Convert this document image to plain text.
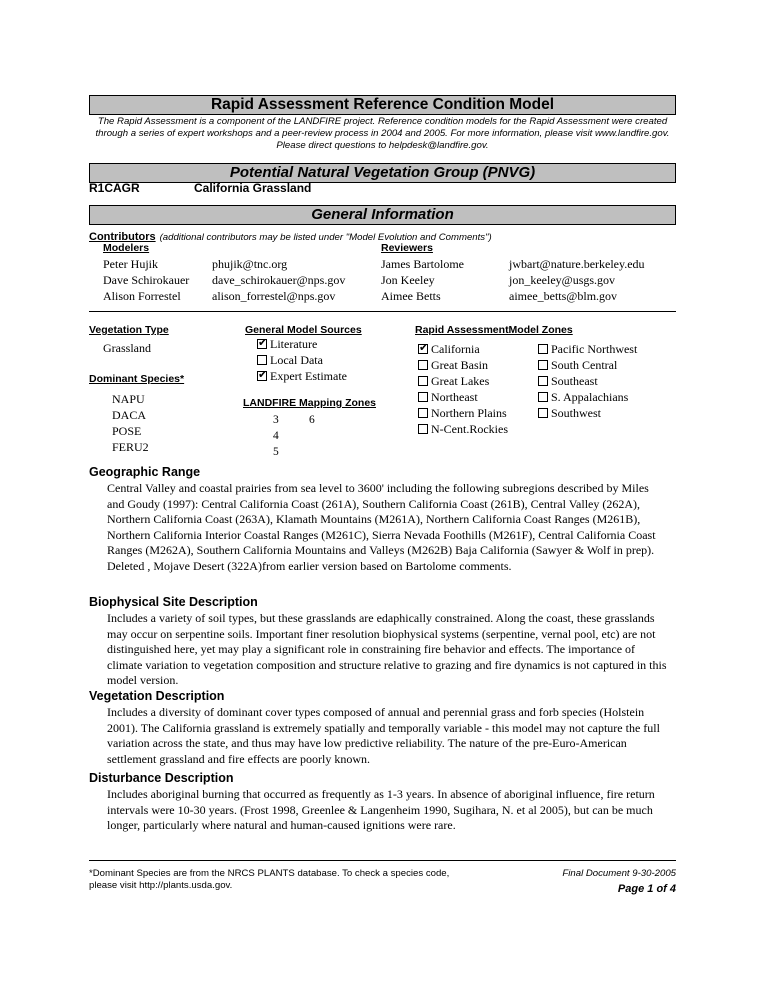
Rapid Assessment Reference Condition Model
The Rapid Assessment is a component of the LANDFIRE project. Reference condition models for the Rapid Assessment were created through a series of expert workshops and a peer-review process in 2004 and 2005. For more information, please visit www.landfire.gov. Please direct questions to helpdesk@landfire.gov.
Potential Natural Vegetation Group (PNVG)
R1CAGR	California Grassland
General Information
Contributors (additional contributors may be listed under "Model Evolution and Comments")
Modelers	Reviewers
Peter Hujik
Dave Schirokauer
Alison Forrestel
phujik@tnc.org
dave_schirokauer@nps.gov
alison_forrestel@nps.gov
James Bartolome
Jon Keeley
Aimee Betts
jwbart@nature.berkeley.edu
jon_keeley@usgs.gov
aimee_betts@blm.gov
Vegetation Type
Grassland
Dominant Species*
NAPU
DACA
POSE
FERU2
General Model Sources
✔
Literature
Local Data
✔
Expert Estimate
LANDFIRE Mapping Zones
3
4
5
6
Rapid AssessmentModel Zones
✔
California
Great Basin
Great Lakes
Northeast
Northern Plains
N-Cent.Rockies
Pacific Northwest
South Central
Southeast
S. Appalachians
Southwest
Geographic Range
Central Valley and coastal prairies from sea level to 3600' including the following subregions described by Miles and Goudy (1997): Central California Coast (261A), Southern California Coast (261B), Central Valley (262A), Northern California Coast (263A), Klamath Mountains (M261A), Northern California Coast Ranges (M261B), Northern California Interior Coastal Ranges (M261C), Sierra Nevada Foothills (M261F), Central California Coast Ranges (M262A), Southern California Mountains and Valleys (M262B) Baja California (Sawyer & Wolf in prep). Deleted , Mojave Desert (322A)from earlier version based on Bartolome comments.
Biophysical Site Description
Includes a variety of soil types, but these grasslands are edaphically constrained. Along the coast, these grasslands may occur on serpentine soils. Important finer resolution biophysical systems (serpentine, vernal pool, etc) are not distinguished here, yet may play a significant role in constraining fire behavior and effects. The importance of climate variation to vegetation composition and structure relative to grazing and fire dynamics is not captured in this model version.
Vegetation Description
Includes a diversity of dominant cover types composed of annual and perennial grass and forb species (Holstein 2001). The California grassland is extremely spatially and temporally variable - this model may not capture the full variation across the state, and thus may have low predictive reliability. The nature of the pre-Euro-American settlement grassland and fire effects are poorly known.
Disturbance Description
Includes aboriginal burning that occurred as frequently as 1-3 years. In absence of aboriginal influence, fire return intervals were 10-30 years. (Frost 1998, Greenlee & Langenheim 1990, Sugihara, N. et al 2005), but can be much longer, particularly where natural and human-caused ignitions were rare.
*Dominant Species are from the NRCS PLANTS database. To check a species code, please visit http://plants.usda.gov.
Final Document 9-30-2005
Page 1 of 4
